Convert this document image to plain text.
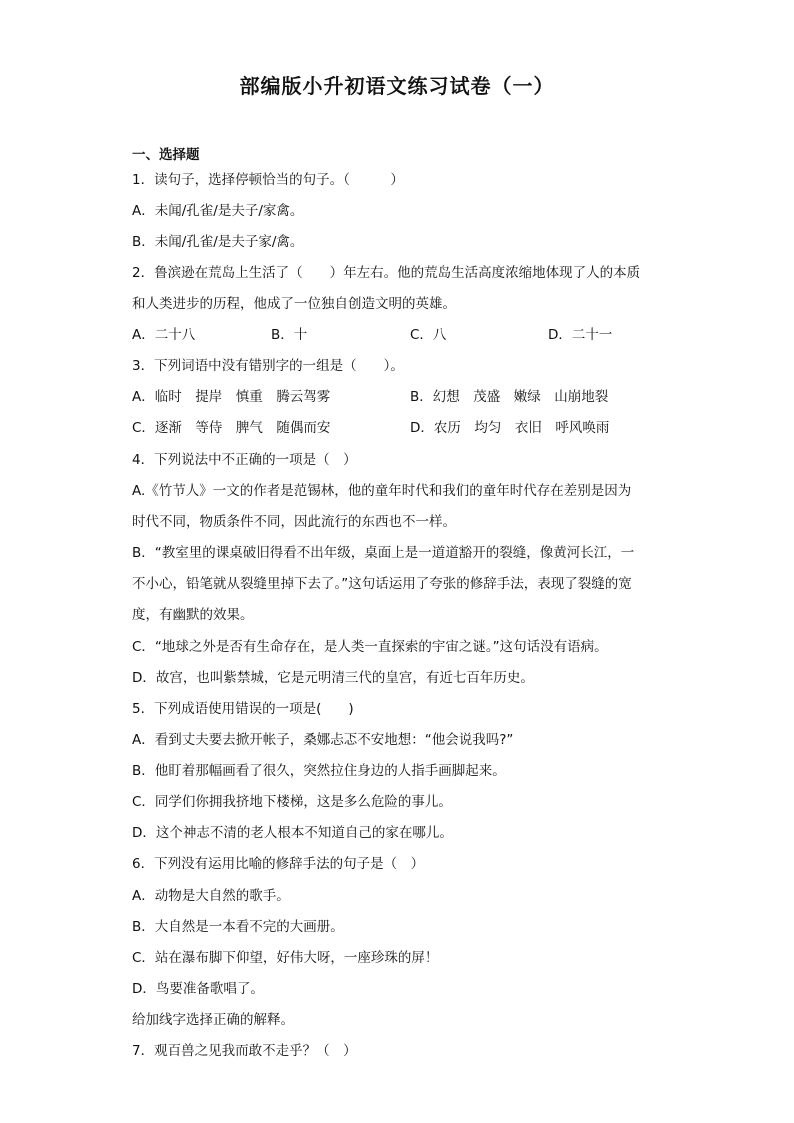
部编版小升初语文练习试卷（一）
一、选择题
1．读句子，选择停顿恰当的句子。（　　　）
A．未闻/孔雀/是夫子/家禽。
B．未闻/孔雀/是夫子家/禽。
2．鲁滨逊在荒岛上生活了（　　）年左右。他的荒岛生活高度浓缩地体现了人的本质
和人类进步的历程，他成了一位独自创造文明的英雄。
A．二十八	B．十	C．八	D．二十一
3．下列词语中没有错别字的一组是（　　）。
A．临时　提岸　慎重　腾云驾雾	B．幻想　茂盛　嫩绿　山崩地裂
C．逐渐　等侍　脾气　随偶而安	D．农历　均匀　衣旧　呼风唤雨
4．下列说法中不正确的一项是（　）
A.《竹节人》一文的作者是范锡林，他的童年时代和我们的童年时代存在差别是因为
时代不同，物质条件不同，因此流行的东西也不一样。
B．“教室里的课桌破旧得看不出年级，桌面上是一道道豁开的裂缝，像黄河长江，一
不小心，铅笔就从裂缝里掉下去了。”这句话运用了夸张的修辞手法，表现了裂缝的宽
度，有幽默的效果。
C．“地球之外是否有生命存在，是人类一直探索的宇宙之谜。”这句话没有语病。
D．故宫，也叫紫禁城，它是元明清三代的皇宫，有近七百年历史。
5．下列成语使用错误的一项是(　　)
A．看到丈夫要去掀开帐子，桑娜忐忑不安地想：“他会说我吗?”
B．他盯着那幅画看了很久，突然拉住身边的人指手画脚起来。
C．同学们你拥我挤地下楼梯，这是多么危险的事儿。
D．这个神志不清的老人根本不知道自己的家在哪儿。
6．下列没有运用比喻的修辞手法的句子是（　）
A．动物是大自然的歌手。
B．大自然是一本看不完的大画册。
C．站在瀑布脚下仰望，好伟大呀，一座珍珠的屏！
D．鸟要准备歌唱了。
给加线字选择正确的解释。
7．观百兽之见我而敢不走乎？（　）
